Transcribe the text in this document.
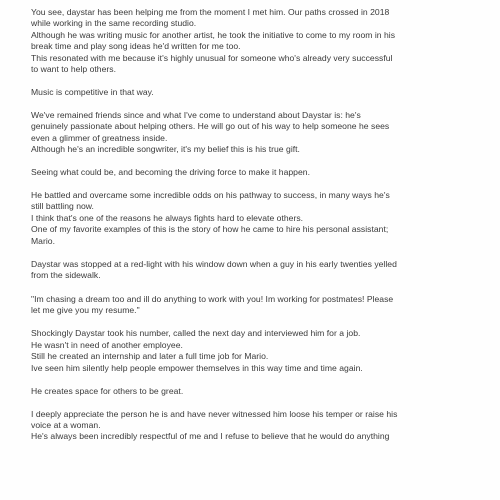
You see, daystar has been helping me from the moment I met him. Our paths crossed in 2018
while working in the same recording studio.
Although he was writing music for another artist, he took the initiative to come to my room in his
break time and play song ideas he'd written for me too.
This resonated with me because it's highly unusual for someone who's already very successful
to want to help others.
Music is competitive in that way.
We've remained friends since and what I've come to understand about Daystar is: he's
genuinely passionate about helping others. He will go out of his way to help someone he sees
even a glimmer of greatness inside.
Although he's an incredible songwriter, it's my belief this is his true gift.
Seeing what could be, and becoming the driving force to make it happen.
He battled and overcame some incredible odds on his pathway to success, in many ways he's
still battling now.
I think that's one of the reasons he always fights hard to elevate others.
One of my favorite examples of this is the story of how he came to hire his personal assistant;
Mario.
Daystar was stopped at a red-light with his window down when a guy in his early twenties yelled
from the sidewalk.
"Im chasing a dream too and ill do anything to work with you! Im working for postmates! Please
let me give you my resume."
Shockingly Daystar took his number, called the next day and interviewed him for a job.
He wasn't in need of another employee.
Still he created an internship and later a full time job for Mario.
Ive seen him silently help people empower themselves in this way time and time again.
He creates space for others to be great.
I deeply appreciate the person he is and have never witnessed him loose his temper or raise his
voice at a woman.
He's always been incredibly respectful of me and I refuse to believe that he would do anything
